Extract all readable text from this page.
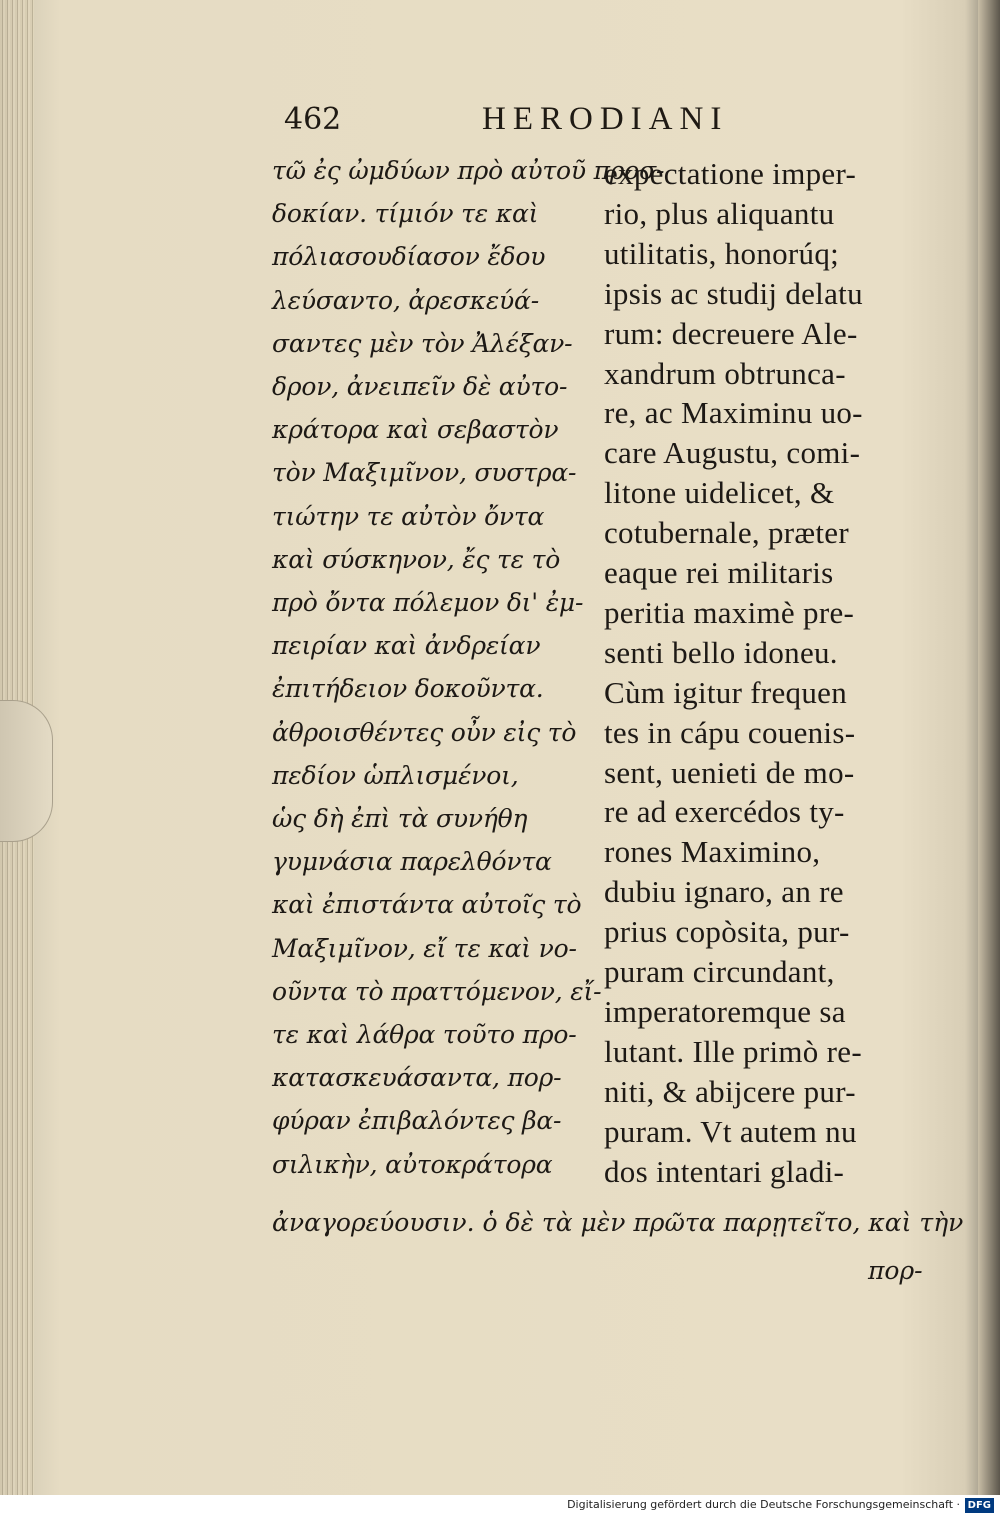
462	HERODIANI
τῶ ἐς ὠμδύων πρὸ αὐτοῦ προσ-
δοκίαν. τίμιόν τε καὶ
πόλιασουδίασον ἔδου
λεύσαντο, ἀρεσκεύά-
σαντες μὲν τὸν Ἀλέξαν-
δρον, ἀνειπεῖν δὲ αὐτο-
κράτορα καὶ σεβαστὸν
τὸν Μαξιμῖνον, συστρα-
τιώτην τε αὐτὸν ὄντα
καὶ σύσκηνον, ἔς τε τὸ
πρὸ ὄντα πόλεμον δι' ἐμ-
πειρίαν καὶ ἀνδρείαν
ἐπιτήδειον δοκοῦντα.
ἀθροισθέντες οὖν εἰς τὸ
πεδίον ὡπλισμένοι,
ὡς δὴ ἐπὶ τὰ συνήθη
γυμνάσια παρελθόντα
καὶ ἐπιστάντα αὐτοῖς τὸ
Μαξιμῖνον, εἴ τε καὶ νο-
οῦντα τὸ πραττόμενον, εἴ-
τε καὶ λάθρα τοῦτο προ-
κατασκευάσαντα, πορ-
φύραν ἐπιβαλόντες βα-
σιλικὴν, αὐτοκράτορα
expectatione imper-
rio, plus aliquantu
utilitatis, honorúq;
ipsis ac studij delatu
rum: decreuere Ale-
xandrum obtrunca-
re, ac Maximinu uo-
care Augustu, comi-
litone uidelicet, &
cotubernale, præter
eaque rei militaris
peritia maximè pre-
senti bello idoneu.
Cùm igitur frequen
tes in cápu couenis-
sent, uenieti de mo-
re ad exercédos ty-
rones Maximino,
dubiu ignaro, an re
prius copòsita, pur-
puram circundant,
imperatoremque sa
lutant. Ille primò re-
niti, & abijcere pur-
puram. Vt autem nu
dos intentari gladi-
ἀναγορεύουσιν. ὁ δὲ τὰ μὲν πρῶτα παρῃτεῖτο, καὶ τὴν
πορ-
Digitalisierung gefördert durch die Deutsche Forschungsgemeinschaft · DFG
